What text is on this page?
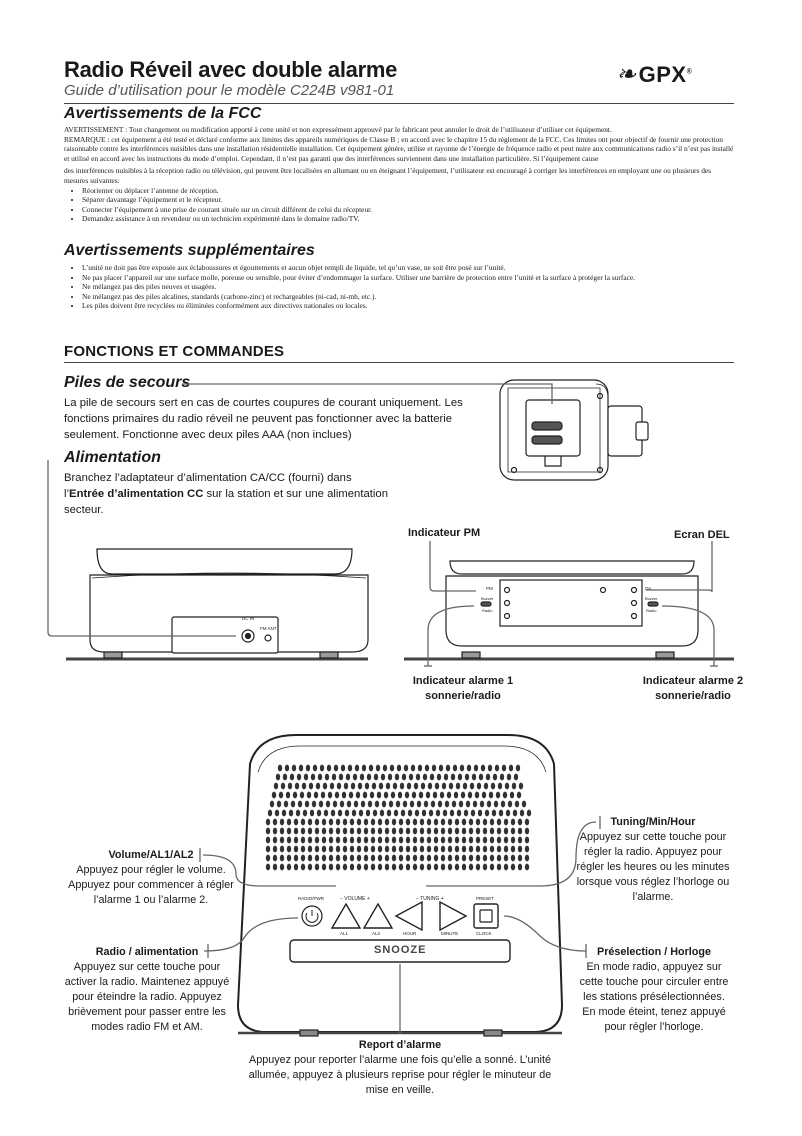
Radio Réveil avec double alarme
Guide d’utilisation pour le modèle C224B v981-01
❧GPX®
Avertissements de la FCC

AVERTISSEMENT : Tout changement ou modification apporté à cette unité et non expressément approuvé par le fabricant peut annuler le droit de l’utilisateur d’utiliser cet équipement.

REMARQUE : cet équipement a été testé et déclaré conforme aux limites des appareils numériques de Classe B ; en accord avec le chapitre 15 du règlement de la FCC. Ces limites ont pour objectif de fournir une protection raisonnable contre les interférences nuisibles dans une installation résidentielle installation. Cet équipement génère, utilise et rayonne de l’énergie de fréquence radio et peut nuire aux communications radio s’il n’est pas installé et utilisé en accord avec les instructions du mode d’emploi. Cependant, il n’est pas garanti que des interférences surviennent dans une installation particulière. Si l’équipement cause

des interférences nuisibles à la réception radio ou télévision, qui peuvent être localisées en allumant ou en éteignant l’équipement, l’utilisateur est encouragé à corriger les interférences en employant une ou plusieurs des mesures suivantes:

• Réorienter ou déplacer l’antenne de réception.
• Séparer davantage l’équipement et le récepteur.
• Connecter l’équipement à une prise de courant située sur un circuit différent de celui du récepteur.
• Demandez assistance à un revendeur ou un technicien expérimenté dans le domaine radio/TV.
Avertissements supplémentaires
• L’unité ne doit pas être exposée aux éclaboussures et égouttements et aucun objet rempli de liquide, tel qu’un vase, ne soit être posé sur l’unité.
• Ne pas placer l’appareil sur une surface molle, poreuse ou sensible, pour éviter d’endommager la surface. Utiliser une barrière de protection entre l’unité et la surface à protéger la surface.
• Ne mélangez pas des piles neuves et usagées.
• Ne mélangez pas des piles alcalines, standards (carbone-zinc) et rechargeables (ni-cad, ni-mh, etc.).
• Les piles doivent être recyclées ou éliminées conformément aux directives nationales ou locales.
FONCTIONS ET COMMANDES
Piles de secours
La pile de secours sert en cas de courtes coupures de courant uniquement. Les fonctions primaires du radio réveil ne peuvent pas fonctionner avec la batterie seulement. Fonctionne avec deux piles AAA (non inclues)
Alimentation
Branchez l’adaptateur d’alimentation CA/CC (fourni) dans l’Entrée d’alimentation CC sur la station et sur une alimentation secteur.
DC IN
FM ANT
PM
Buzzer
Radio
On
Buzzer
Radio
RADIO/PWR	− VOLUME +	− TUNING +	PRESET
AL1	AL2	HOUR	MINUTE	CLOCK
SNOOZE
Indicateur PM	Ecran DEL
Indicateur alarme 1 sonnerie/radio
Indicateur alarme 2 sonnerie/radio
Volume/AL1/AL2
Appuyez pour régler le volume. Appuyez pour commencer à régler l’alarme 1 ou l’alarme 2.
Radio / alimentation
Appuyez sur cette touche pour activer la radio. Maintenez appuyé pour éteindre la radio. Appuyez brièvement pour passer entre les modes radio FM et AM.
Tuning/Min/Hour
Appuyez sur cette touche pour régler la radio. Appuyez pour régler les heures ou les minutes lorsque vous réglez l’horloge ou l’alarme.
Préselection / Horloge
En mode radio, appuyez sur cette touche pour circuler entre les stations présélectionnées. En mode éteint, tenez appuyé pour régler l’horloge.
Report d’alarme
Appuyez pour reporter l’alarme une fois qu’elle a sonné. L’unité allumée, appuyez à plusieurs reprise pour régler le minuteur de mise en veille.
